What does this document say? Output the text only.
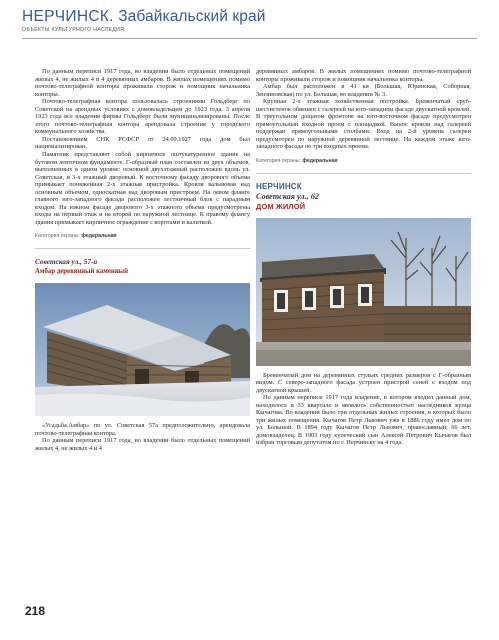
НЕРЧИНСК. Забайкальский край
ОБЪЕКТЫ КУЛЬТУРНОГО НАСЛЕДИЯ

По данным переписи 1917 года, во владении было отдельных помещений жилых 4, не жилых 4 и 4 деревянных амбаров. В жилых помещениях помимо почтово-телеграфной конторы проживали сторож и помощник начальника конторы.

Почтово-телеграфная контора пользовалась строениями Гольдберг по Советской на арендных условиях с домовладельцем до 1923 года. 3 апреля 1923 года все владения фирмы Гольдберг были муниципализированы. После этого почтово-телеграфная контора арендовала строения у городского коммунального хозяйства.

Постановлением СНК РСФСР от 24.09.1927 года дом был национализирован.

Памятник представляет собой кирпичное оштукатуренное здание на бутовом ленточном фундаменте. Г-образный план составлен из двух объемов, выполненных в одном уровне: основной двухэтажный расположен вдоль ул. Советская, и 3-х этажный дворовый. К восточному фасаду дворового объема примыкает пониженная 2-х этажная пристройка. Кровля вальмовая над основным объемом, односкатная над дворовым пристроем. На левом фланге главного юго-западного фасада расположен лестничный блок с парадным входом. На южном фасаде дворового 3-х этажного объема предусмотрены входы на первый этаж и на второй по наружной лестнице. К правому флангу здания примыкает кирпичное ограждение с воротами и калиткой.

Категория охраны: федеральная
Советская ул., 57-а
Амбар деревянный каменный

«Усадьба.Амбар» по ул. Советская 57а предположительно, арендовала почтово-телеграфная контора.

По данным переписи 1917 года, во владении было отдельных помещений жилых 4, не жилых 4 и 4

деревянных амбаров. В жилых помещениях помимо почтово-телеграфной конторы проживали сторож и помощник начальника конторы.

Амбар был расположен в 41 кв (Большая, Юринская, Соборная, Зензиновская) по ул. Большая, во владении № 3.

Крупная 2-х этажная хозяйственная постройка. Бревенчатый сруб-шестистенок обвешен с галереей на юго-западном фасаде двускатной кровлей. В треугольном дощатом фронтоне на юго-восточном фасаде предусмотрен прямоугольный входной проем с площадкой. Вынос кровли над галереей поддержан прямоугольными столбами. Вход на 2-й уровень галереи предусмотрен по наружной деревянной лестнице. На каждом этаже юго-западного фасада по три входных проема.

Категория охраны: федеральная
НЕРЧИНСК
Советская ул., 62
ДОМ ЖИЛОЙ

Бревенчатый дом на деревянных стульях средних размеров с Г-образным видом. С северо-западного фасада устроен пристрой сеней с входом под двускатной крышей.

По данным переписи 1917 года владение, в котором входил данный дом, находилось в 33 квартале и являлось собственностью наследников купца Кычагова. Во владении было три отдельных жилых строения, в которых было три жилых помещения. Кычагов Петр Львович уже в 1886 году имел дом по ул. Большой. В 1894 году Кычагов Петр Львович, православный, 66 лет, домовладелец. В 1903 году купеческий сын Алексей Петрович Кычагов был избран торговым депутатом по г. Нерчинску на 4 года.

218
